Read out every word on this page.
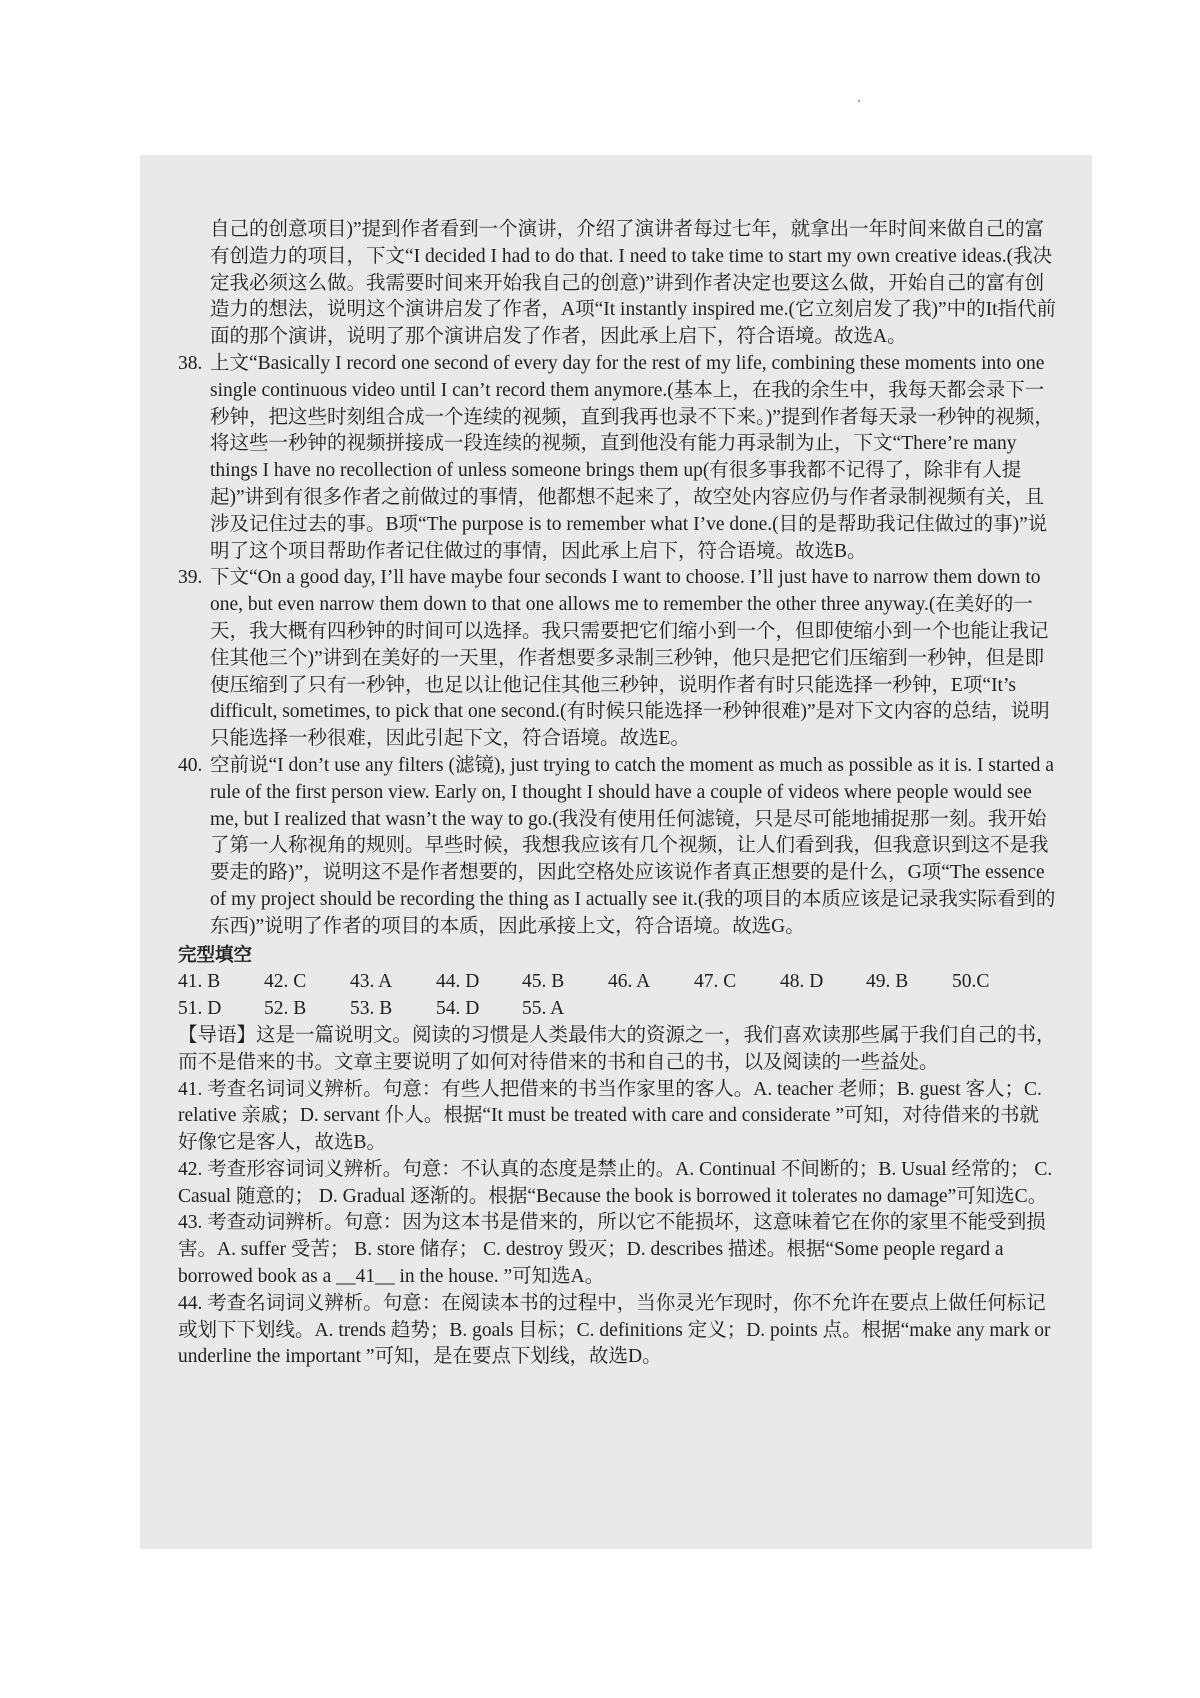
自己的创意项目)”提到作者看到一个演讲，介绍了演讲者每过七年，就拿出一年时间来做自己的富有创造力的项目，下文“I decided I had to do that. I need to take time to start my own creative ideas.(我决定我必须这么做。我需要时间来开始我自己的创意)”讲到作者决定也要这么做，开始自己的富有创造力的想法，说明这个演讲启发了作者，A项“It instantly inspired me.(它立刻启发了我)”中的It指代前面的那个演讲，说明了那个演讲启发了作者，因此承上启下，符合语境。故选A。

38. 上文“Basically I record one second of every day for the rest of my life, combining these moments into one single continuous video until I can’t record them anymore.(基本上，在我的余生中，我每天都会录下一秒钟，把这些时刻组合成一个连续的视频，直到我再也录不下来。)”提到作者每天录一秒钟的视频，将这些一秒钟的视频拼接成一段连续的视频，直到他没有能力再录制为止，下文“There’re many things I have no recollection of unless someone brings them up(有很多事我都不记得了，除非有人提起)”讲到有很多作者之前做过的事情，他都想不起来了，故空处内容应仍与作者录制视频有关，且涉及记住过去的事。B项“The purpose is to remember what I’ve done.(目的是帮助我记住做过的事)”说明了这个项目帮助作者记住做过的事情，因此承上启下，符合语境。故选B。

39. 下文“On a good day, I’ll have maybe four seconds I want to choose. I’ll just have to narrow them down to one, but even narrow them down to that one allows me to remember the other three anyway.(在美好的一天，我大概有四秒钟的时间可以选择。我只需要把它们缩小到一个，但即使缩小到一个也能让我记住其他三个)”讲到在美好的一天里，作者想要多录制三秒钟，他只是把它们压缩到一秒钟，但是即使压缩到了只有一秒钟，也足以让他记住其他三秒钟，说明作者有时只能选择一秒钟，E项“It’s difficult, sometimes, to pick that one second.(有时候只能选择一秒钟很难)”是对下文内容的总结，说明只能选择一秒很难，因此引起下文，符合语境。故选E。

40. 空前说“I don’t use any filters (滤镜), just trying to catch the moment as much as possible as it is. I started a rule of the first person view. Early on, I thought I should have a couple of videos where people would see me, but I realized that wasn’t the way to go.(我没有使用任何滤镜，只是尽可能地捕捉那一刻。我开始了第一人称视角的规则。早些时候，我想我应该有几个视频，让人们看到我，但我意识到这不是我要走的路)”，说明这不是作者想要的，因此空格处应该说作者真正想要的是什么，G项“The essence of my project should be recording the thing as I actually see it.(我的项目的本质应该是记录我实际看到的东西)”说明了作者的项目的本质，因此承接上文，符合语境。故选G。

完型填空

41. B	42. C	43. A	44. D	45. B	46. A	47. C	48. D	49. B	50.C
51. D	52. B	53. B	54. D	55. A

【导语】这是一篇说明文。阅读的习惯是人类最伟大的资源之一，我们喜欢读那些属于我们自己的书，而不是借来的书。文章主要说明了如何对待借来的书和自己的书，以及阅读的一些益处。

41. 考查名词词义辨析。句意：有些人把借来的书当作家里的客人。A. teacher 老师；B. guest 客人；C. relative 亲戚；D. servant 仆人。根据“It must be treated with care and considerate ”可知，对待借来的书就好像它是客人，故选B。

42. 考查形容词词义辨析。句意：不认真的态度是禁止的。A. Continual 不间断的；B. Usual 经常的； C. Casual 随意的； D. Gradual 逐渐的。根据“Because the book is borrowed it tolerates no damage”可知选C。

43. 考查动词辨析。句意：因为这本书是借来的，所以它不能损坏，这意味着它在你的家里不能受到损害。A. suffer 受苦； B. store 储存； C. destroy 毁灭；D. describes 描述。根据“Some people regard a borrowed book as a __41__ in the house. ”可知选A。

44. 考查名词词义辨析。句意：在阅读本书的过程中，当你灵光乍现时，你不允许在要点上做任何标记或划下下划线。A. trends 趋势；B. goals 目标；C. definitions 定义；D. points 点。根据“make any mark or underline the important ”可知，是在要点下划线，故选D。
